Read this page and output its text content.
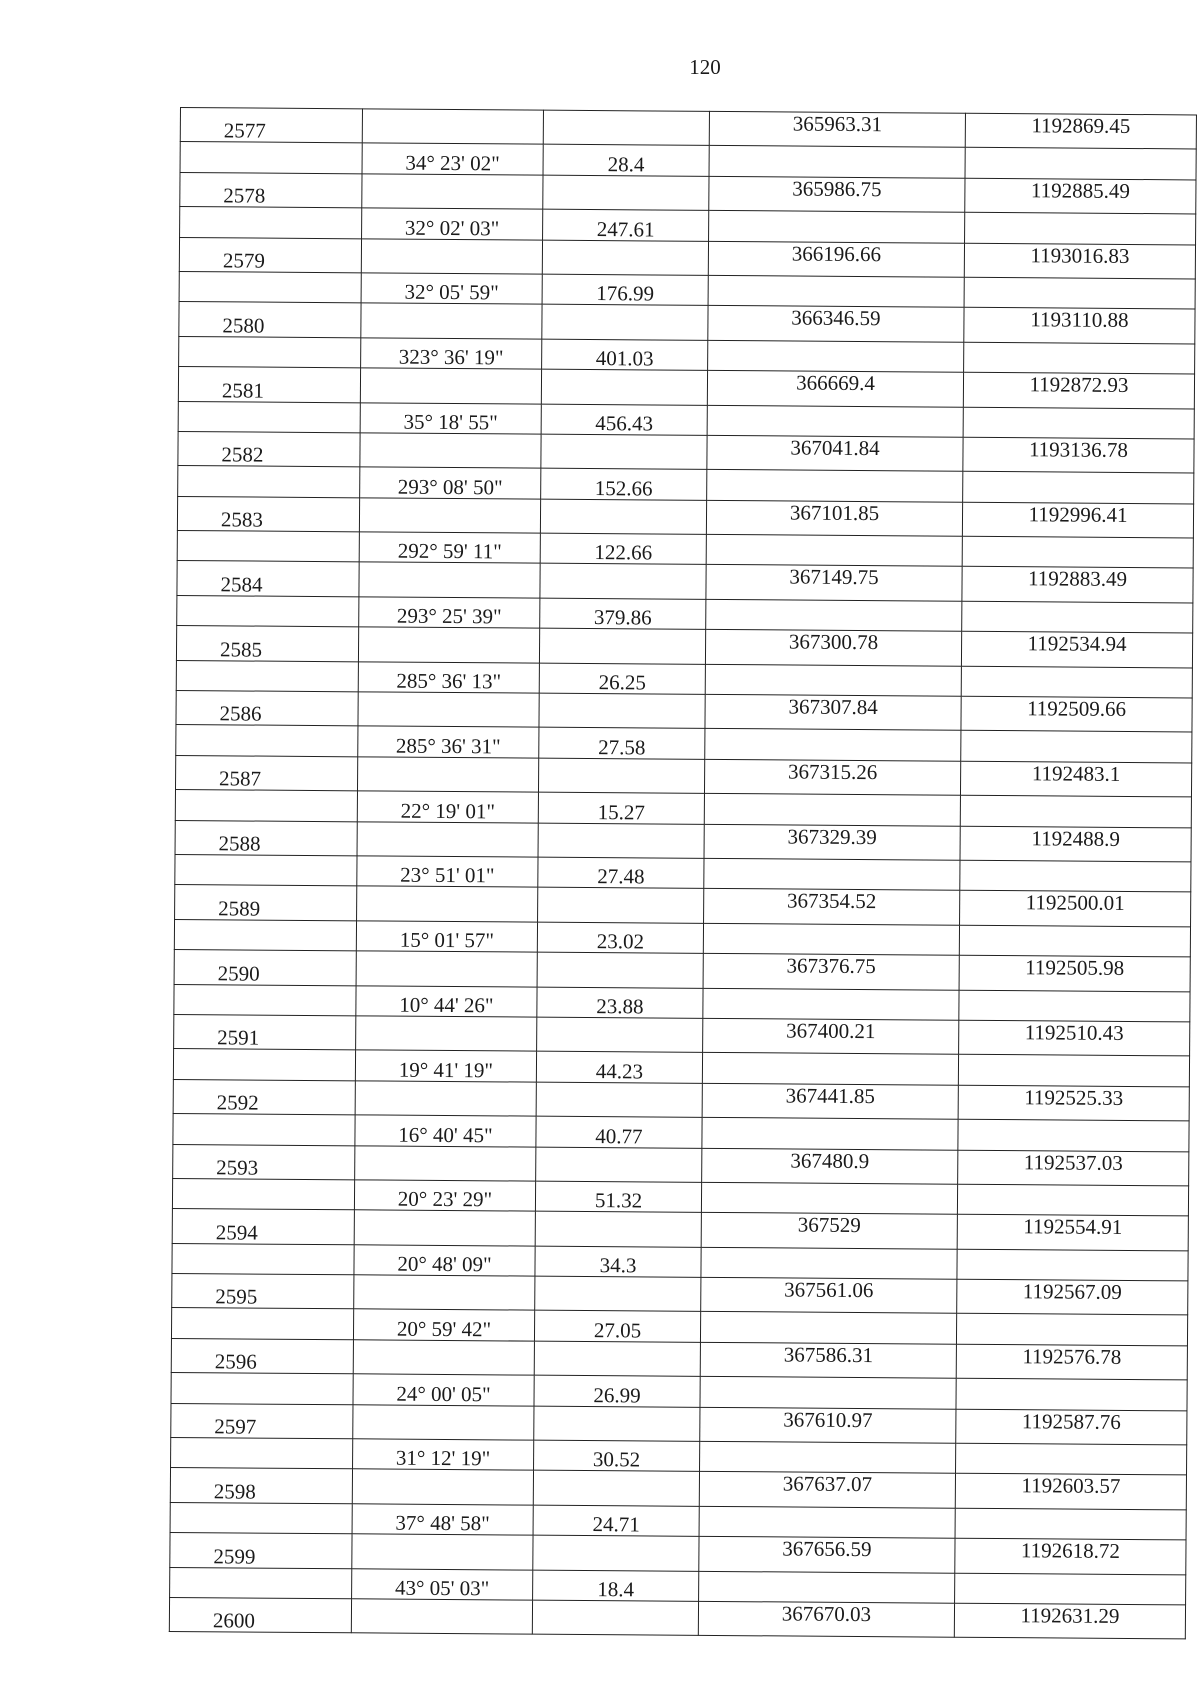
120
2577			365963.31	1192869.45
	34° 23' 02"	28.4		
2578			365986.75	1192885.49
	32° 02' 03"	247.61		
2579			366196.66	1193016.83
	32° 05' 59"	176.99		
2580			366346.59	1193110.88
	323° 36' 19"	401.03		
2581			366669.4	1192872.93
	35° 18' 55"	456.43		
2582			367041.84	1193136.78
	293° 08' 50"	152.66		
2583			367101.85	1192996.41
	292° 59' 11"	122.66		
2584			367149.75	1192883.49
	293° 25' 39"	379.86		
2585			367300.78	1192534.94
	285° 36' 13"	26.25		
2586			367307.84	1192509.66
	285° 36' 31"	27.58		
2587			367315.26	1192483.1
	22° 19' 01"	15.27		
2588			367329.39	1192488.9
	23° 51' 01"	27.48		
2589			367354.52	1192500.01
	15° 01' 57"	23.02		
2590			367376.75	1192505.98
	10° 44' 26"	23.88		
2591			367400.21	1192510.43
	19° 41' 19"	44.23		
2592			367441.85	1192525.33
	16° 40' 45"	40.77		
2593			367480.9	1192537.03
	20° 23' 29"	51.32		
2594			367529	1192554.91
	20° 48' 09"	34.3		
2595			367561.06	1192567.09
	20° 59' 42"	27.05		
2596			367586.31	1192576.78
	24° 00' 05"	26.99		
2597			367610.97	1192587.76
	31° 12' 19"	30.52		
2598			367637.07	1192603.57
	37° 48' 58"	24.71		
2599			367656.59	1192618.72
	43° 05' 03"	18.4		
2600			367670.03	1192631.29
